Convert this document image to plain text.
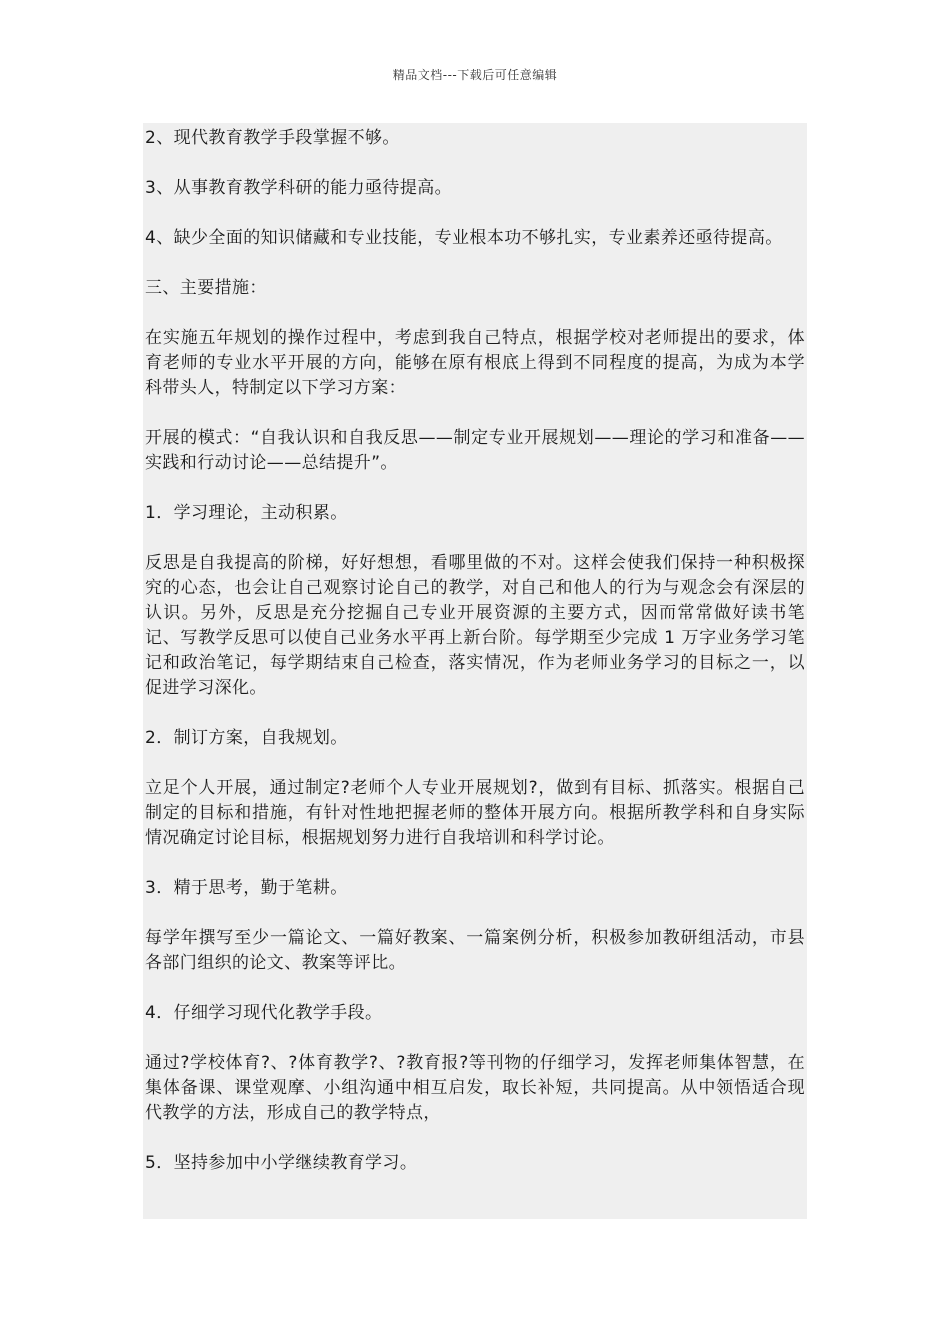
精品文档---下载后可任意编辑

2、现代教育教学手段掌握不够。

3、从事教育教学科研的能力亟待提高。

4、缺少全面的知识储藏和专业技能，专业根本功不够扎实，专业素养还亟待提高。

三、主要措施：

在实施五年规划的操作过程中，考虑到我自己特点，根据学校对老师提出的要求，体育老师的专业水平开展的方向，能够在原有根底上得到不同程度的提高，为成为本学科带头人，特制定以下学习方案：

开展的模式：“自我认识和自我反思——制定专业开展规划——理论的学习和准备——实践和行动讨论——总结提升”。

1．学习理论，主动积累。

反思是自我提高的阶梯，好好想想，看哪里做的不对。这样会使我们保持一种积极探究的心态，也会让自己观察讨论自己的教学，对自己和他人的行为与观念会有深层的认识。另外，反思是充分挖掘自己专业开展资源的主要方式，因而常常做好读书笔记、写教学反思可以使自己业务水平再上新台阶。每学期至少完成 1 万字业务学习笔记和政治笔记，每学期结束自己检查，落实情况，作为老师业务学习的目标之一，以促进学习深化。

2．制订方案，自我规划。

立足个人开展，通过制定?老师个人专业开展规划?，做到有目标、抓落实。根据自己制定的目标和措施，有针对性地把握老师的整体开展方向。根据所教学科和自身实际情况确定讨论目标，根据规划努力进行自我培训和科学讨论。

3．精于思考，勤于笔耕。

每学年撰写至少一篇论文、一篇好教案、一篇案例分析，积极参加教研组活动，市县各部门组织的论文、教案等评比。

4．仔细学习现代化教学手段。

通过?学校体育?、?体育教学?、?教育报?等刊物的仔细学习，发挥老师集体智慧，在集体备课、课堂观摩、小组沟通中相互启发，取长补短，共同提高。从中领悟适合现代教学的方法，形成自己的教学特点，

5．坚持参加中小学继续教育学习。
